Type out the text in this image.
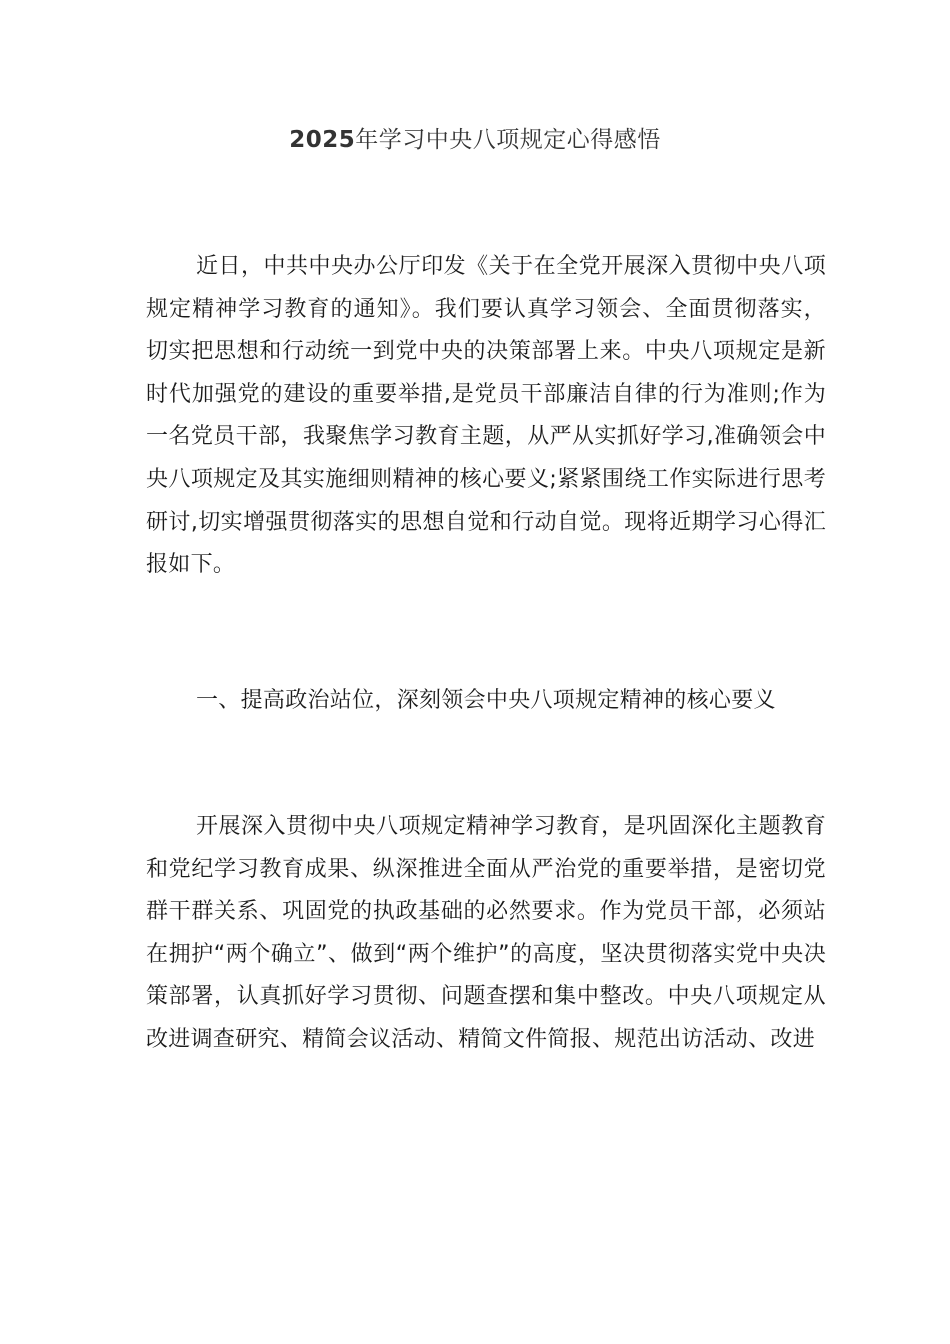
2025年学习中央八项规定心得感悟

近日，中共中央办公厅印发《关于在全党开展深入贯彻中央八项规定精神学习教育的通知》。我们要认真学习领会、全面贯彻落实，切实把思想和行动统一到党中央的决策部署上来。中央八项规定是新时代加强党的建设的重要举措,是党员干部廉洁自律的行为准则;作为一名党员干部，我聚焦学习教育主题，从严从实抓好学习,准确领会中央八项规定及其实施细则精神的核心要义;紧紧围绕工作实际进行思考研讨,切实增强贯彻落实的思想自觉和行动自觉。现将近期学习心得汇报如下。

一、提高政治站位，深刻领会中央八项规定精神的核心要义

开展深入贯彻中央八项规定精神学习教育，是巩固深化主题教育和党纪学习教育成果、纵深推进全面从严治党的重要举措，是密切党群干群关系、巩固党的执政基础的必然要求。作为党员干部，必须站在拥护“两个确立”、做到“两个维护”的高度，坚决贯彻落实党中央决策部署，认真抓好学习贯彻、问题查摆和集中整改。中央八项规定从改进调查研究、精简会议活动、精简文件简报、规范出访活动、改进
